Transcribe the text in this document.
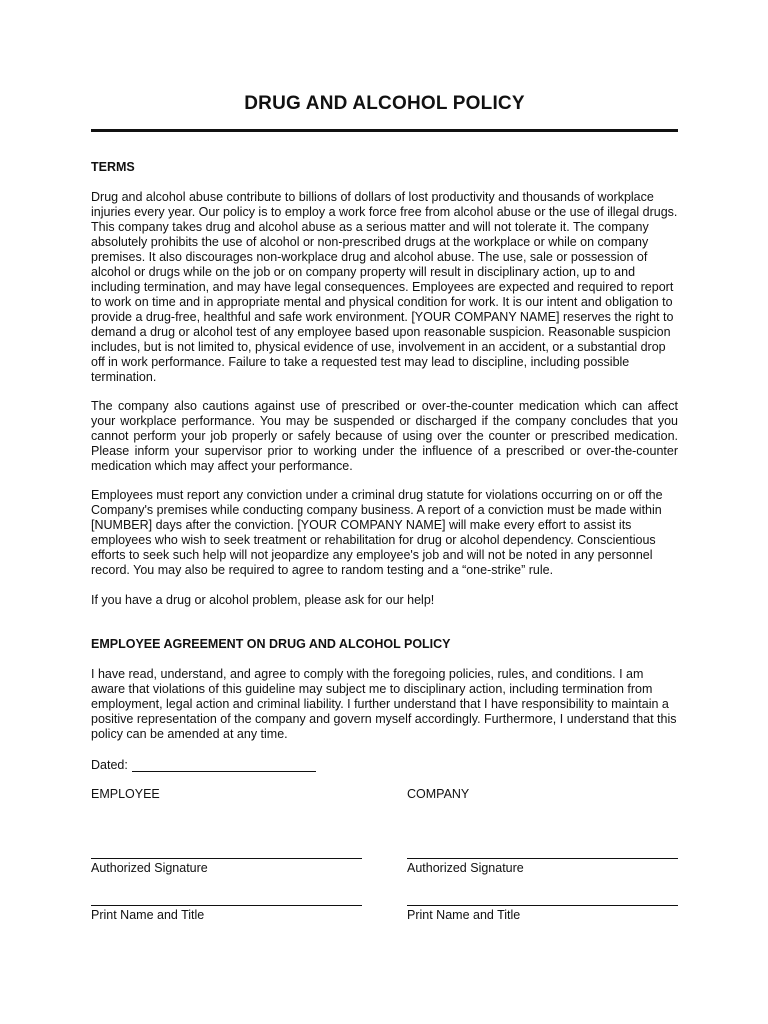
DRUG AND ALCOHOL POLICY

TERMS

Drug and alcohol abuse contribute to billions of dollars of lost productivity and thousands of workplace injuries every year. Our policy is to employ a work force free from alcohol abuse or the use of illegal drugs. This company takes drug and alcohol abuse as a serious matter and will not tolerate it. The company absolutely prohibits the use of alcohol or non-prescribed drugs at the workplace or while on company premises. It also discourages non-workplace drug and alcohol abuse. The use, sale or possession of alcohol or drugs while on the job or on company property will result in disciplinary action, up to and including termination, and may have legal consequences. Employees are expected and required to report to work on time and in appropriate mental and physical condition for work. It is our intent and obligation to provide a drug-free, healthful and safe work environment. [YOUR COMPANY NAME] reserves the right to demand a drug or alcohol test of any employee based upon reasonable suspicion. Reasonable suspicion includes, but is not limited to, physical evidence of use, involvement in an accident, or a substantial drop off in work performance. Failure to take a requested test may lead to discipline, including possible termination.

The company also cautions against use of prescribed or over-the-counter medication which can affect your workplace performance. You may be suspended or discharged if the company concludes that you cannot perform your job properly or safely because of using over the counter or prescribed medication. Please inform your supervisor prior to working under the influence of a prescribed or over-the-counter medication which may affect your performance.

Employees must report any conviction under a criminal drug statute for violations occurring on or off the Company's premises while conducting company business. A report of a conviction must be made within [NUMBER] days after the conviction. [YOUR COMPANY NAME] will make every effort to assist its employees who wish to seek treatment or rehabilitation for drug or alcohol dependency. Conscientious efforts to seek such help will not jeopardize any employee's job and will not be noted in any personnel record. You may also be required to agree to random testing and a “one-strike” rule.

If you have a drug or alcohol problem, please ask for our help!

EMPLOYEE AGREEMENT ON DRUG AND ALCOHOL POLICY

I have read, understand, and agree to comply with the foregoing policies, rules, and conditions. I am aware that violations of this guideline may subject me to disciplinary action, including termination from employment, legal action and criminal liability. I further understand that I have responsibility to maintain a positive representation of the company and govern myself accordingly. Furthermore, I understand that this policy can be amended at any time.

Dated:

EMPLOYEE	COMPANY

Authorized Signature	Authorized Signature

Print Name and Title	Print Name and Title
